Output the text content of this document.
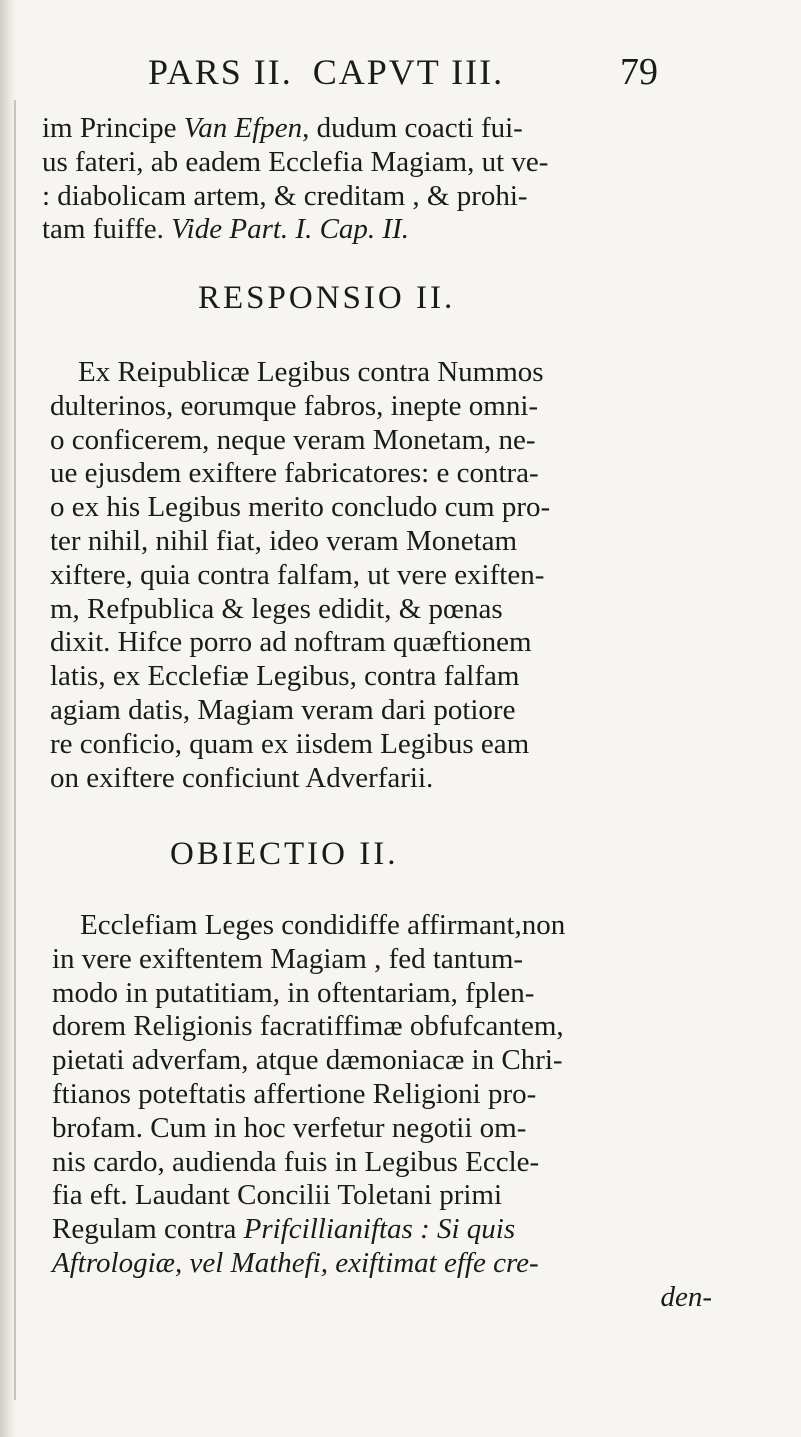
PARS II. CAPVT III.	79
im Principe Van Efpen, dudum coacti fui-
us fateri, ab eadem Ecclefia Magiam, ut ve-
: diabolicam artem, & creditam , & prohi-
tam fuiffe. Vide Part. I. Cap. II.
RESPONSIO II.
Ex Reipublicæ Legibus contra Nummos
dulterinos, eorumque fabros, inepte omni-
o conficerem, neque veram Monetam, ne-
ue ejusdem exiftere fabricatores: e contra-
o ex his Legibus merito concludo cum pro-
ter nihil, nihil fiat, ideo veram Monetam
xiftere, quia contra falfam, ut vere exiften-
m, Refpublica & leges edidit, & pœnas
dixit. Hifce porro ad noftram quæftionem
latis, ex Ecclefiæ Legibus, contra falfam
agiam datis, Magiam veram dari potiore
re conficio, quam ex iisdem Legibus eam
on exiftere conficiunt Adverfarii.
OBIECTIO II.
Ecclefiam Leges condidiffe affirmant,non
in vere exiftentem Magiam , fed tantum-
modo in putatitiam, in oftentariam, fplen-
dorem Religionis facratiffimæ obfufcantem,
pietati adverfam, atque dæmoniacæ in Chri-
ftianos poteftatis affertione Religioni pro-
brofam. Cum in hoc verfetur negotii om-
nis cardo, audienda fuis in Legibus Eccle-
fia eft. Laudant Concilii Toletani primi
Regulam contra Prifcillianiftas : Si quis
Aftrologiæ, vel Mathefi, exiftimat effe cre-
den-
